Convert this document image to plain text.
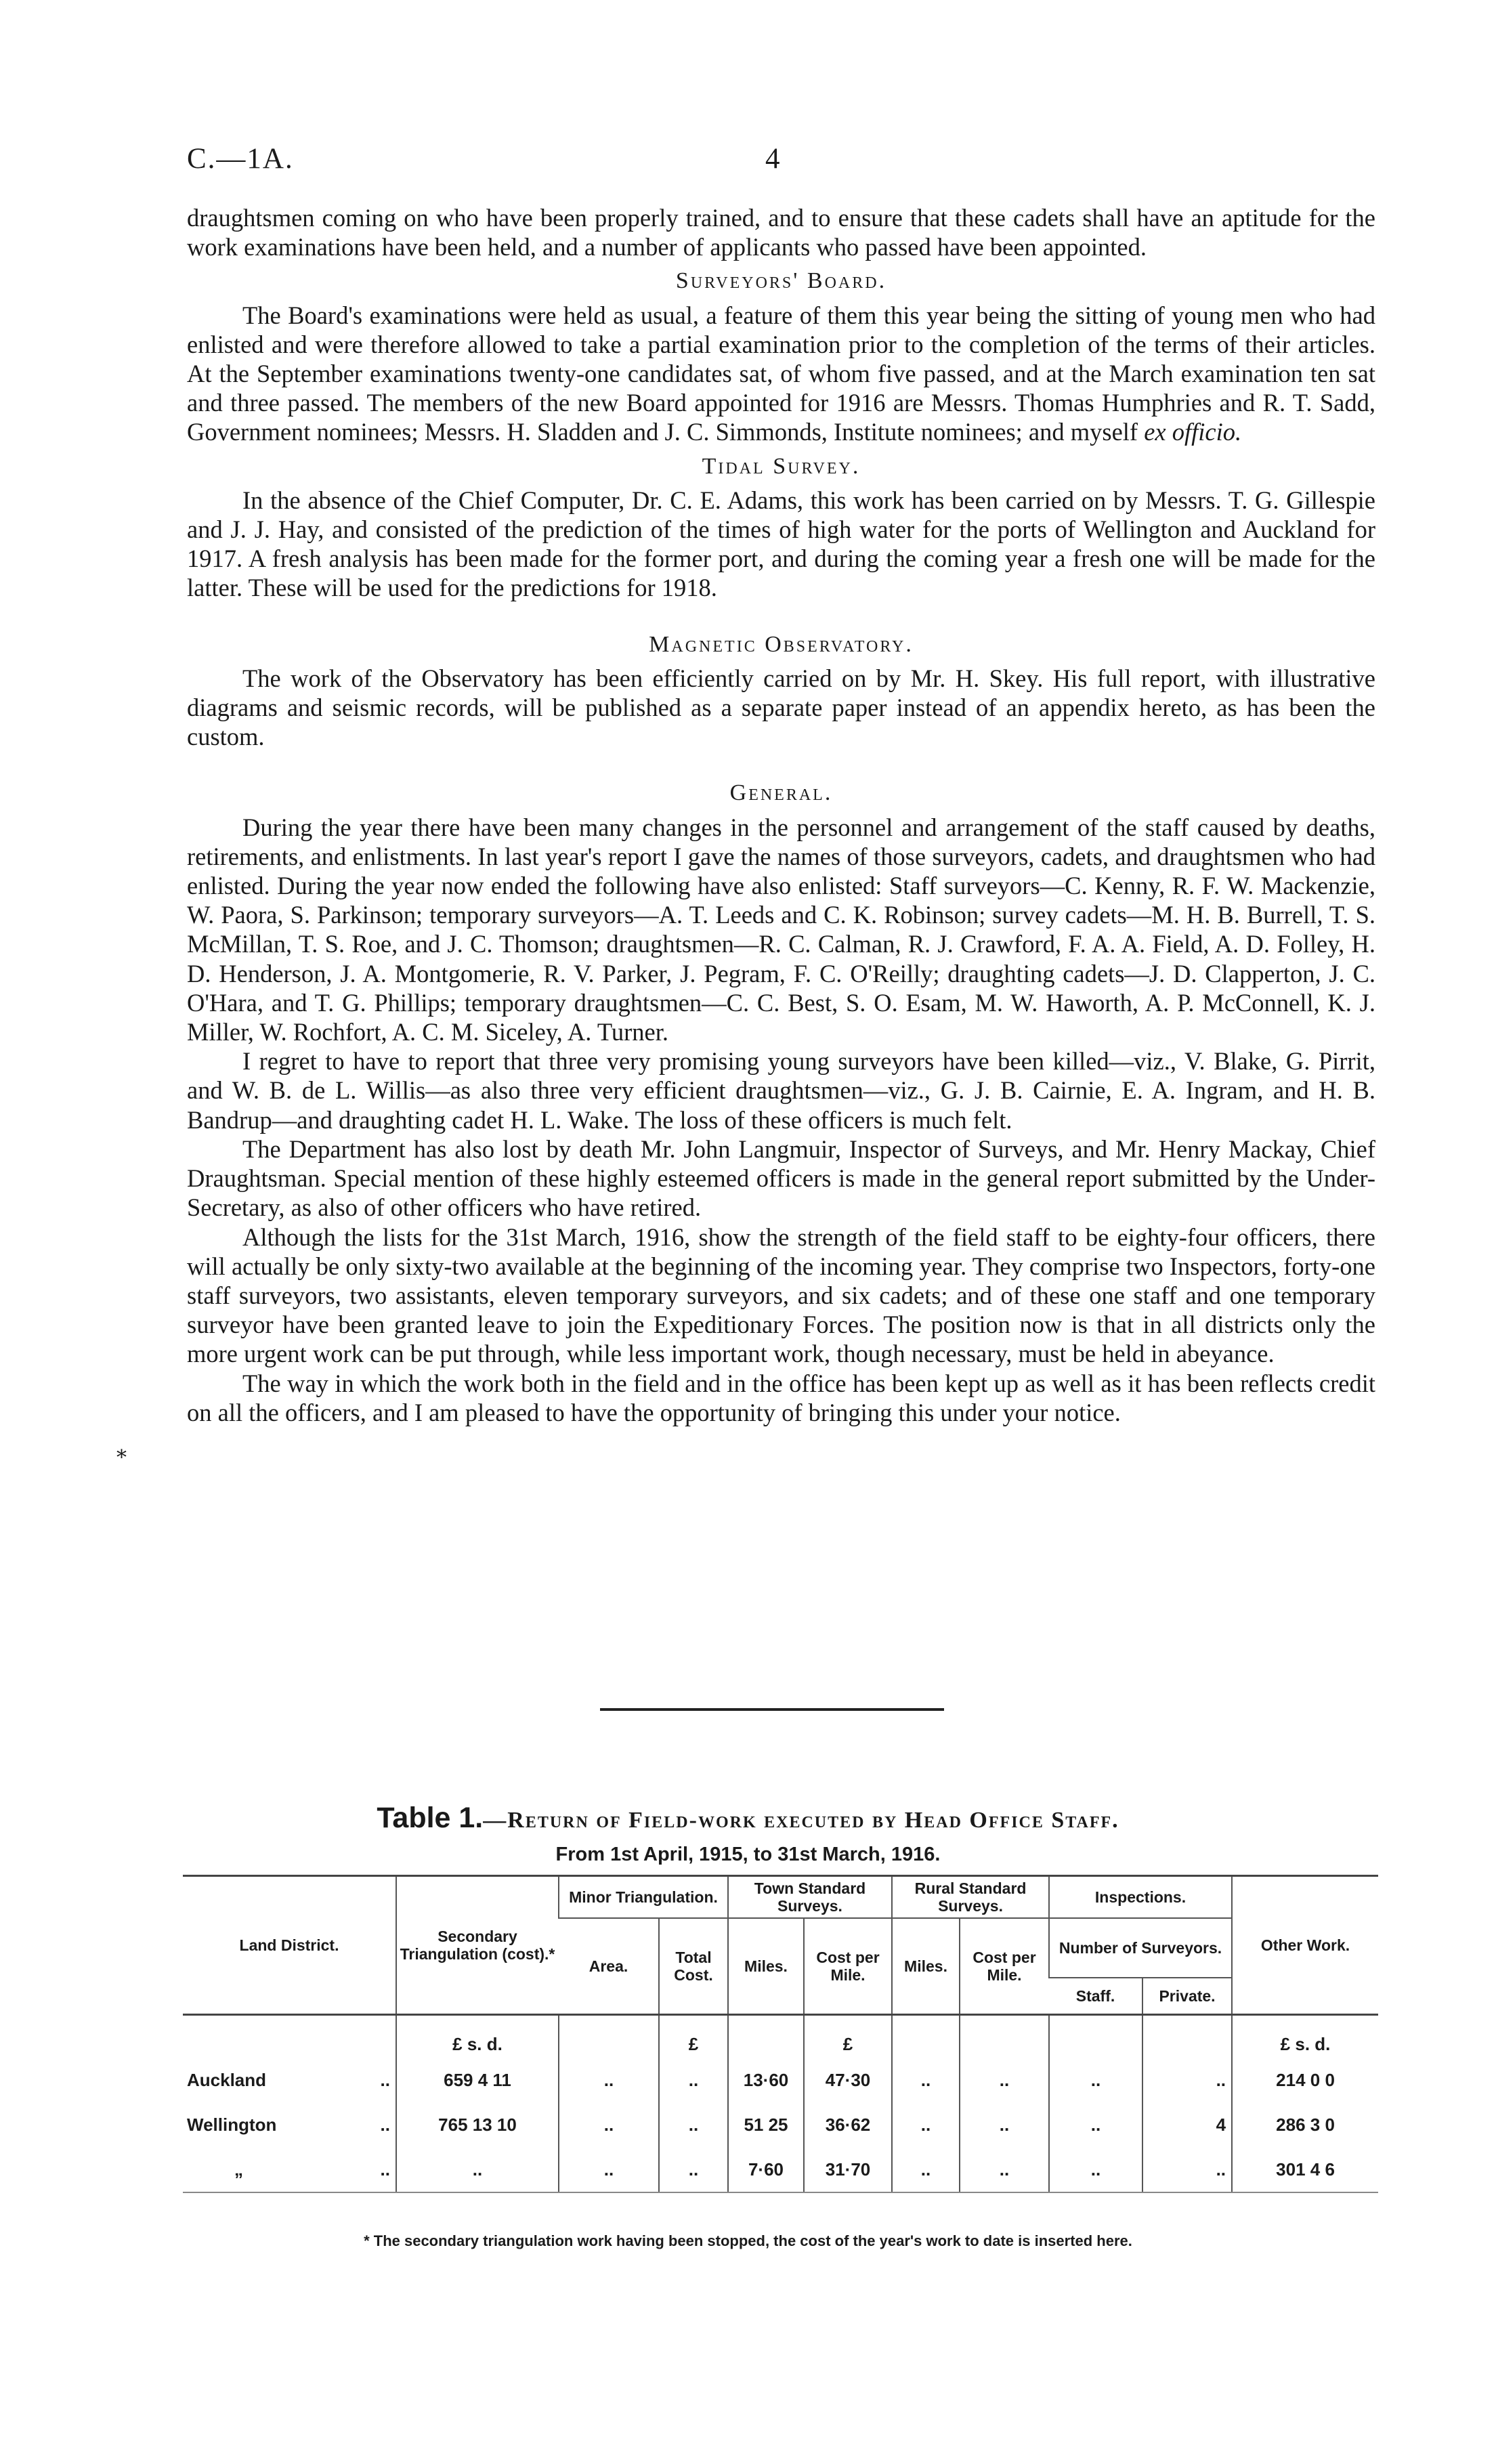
C.—1A.	4

draughtsmen coming on who have been properly trained, and to ensure that these cadets shall have an aptitude for the work examinations have been held, and a number of applicants who passed have been appointed.

Surveyors' Board.

The Board's examinations were held as usual, a feature of them this year being the sitting of young men who had enlisted and were therefore allowed to take a partial examination prior to the completion of the terms of their articles. At the September examinations twenty-one candidates sat, of whom five passed, and at the March examination ten sat and three passed. The members of the new Board appointed for 1916 are Messrs. Thomas Humphries and R. T. Sadd, Government nominees; Messrs. H. Sladden and J. C. Simmonds, Institute nominees; and myself ex officio.

Tidal Survey.

In the absence of the Chief Computer, Dr. C. E. Adams, this work has been carried on by Messrs. T. G. Gillespie and J. J. Hay, and consisted of the prediction of the times of high water for the ports of Wellington and Auckland for 1917. A fresh analysis has been made for the former port, and during the coming year a fresh one will be made for the latter. These will be used for the predictions for 1918.

Magnetic Observatory.

The work of the Observatory has been efficiently carried on by Mr. H. Skey. His full report, with illustrative diagrams and seismic records, will be published as a separate paper instead of an appendix hereto, as has been the custom.

General.

During the year there have been many changes in the personnel and arrangement of the staff caused by deaths, retirements, and enlistments. In last year's report I gave the names of those surveyors, cadets, and draughtsmen who had enlisted. During the year now ended the following have also enlisted: Staff surveyors—C. Kenny, R. F. W. Mackenzie, W. Paora, S. Parkinson; temporary surveyors—A. T. Leeds and C. K. Robinson; survey cadets—M. H. B. Burrell, T. S. McMillan, T. S. Roe, and J. C. Thomson; draughtsmen—R. C. Calman, R. J. Crawford, F. A. A. Field, A. D. Folley, H. D. Henderson, J. A. Montgomerie, R. V. Parker, J. Pegram, F. C. O'Reilly; draughting cadets—J. D. Clapperton, J. C. O'Hara, and T. G. Phillips; temporary draughtsmen—C. C. Best, S. O. Esam, M. W. Haworth, A. P. McConnell, K. J. Miller, W. Rochfort, A. C. M. Siceley, A. Turner.

I regret to have to report that three very promising young surveyors have been killed—viz., V. Blake, G. Pirrit, and W. B. de L. Willis—as also three very efficient draughtsmen—viz., G. J. B. Cairnie, E. A. Ingram, and H. B. Bandrup—and draughting cadet H. L. Wake. The loss of these officers is much felt.

The Department has also lost by death Mr. John Langmuir, Inspector of Surveys, and Mr. Henry Mackay, Chief Draughtsman. Special mention of these highly esteemed officers is made in the general report submitted by the Under-Secretary, as also of other officers who have retired.

Although the lists for the 31st March, 1916, show the strength of the field staff to be eighty-four officers, there will actually be only sixty-two available at the beginning of the incoming year. They comprise two Inspectors, forty-one staff surveyors, two assistants, eleven temporary surveyors, and six cadets; and of these one staff and one temporary surveyor have been granted leave to join the Expeditionary Forces. The position now is that in all districts only the more urgent work can be put through, while less important work, though necessary, must be held in abeyance.

The way in which the work both in the field and in the office has been kept up as well as it has been reflects credit on all the officers, and I am pleased to have the opportunity of bringing this under your notice.

⁎
Table 1.—Return of Field-work executed by Head Office Staff.
From 1st April, 1915, to 31st March, 1916.
Land District.	Secondary Triangulation (cost).*	Minor Triangulation.		Town Standard Surveys.		Rural Standard Surveys.		Inspections.		Other Work.
		Area.	Total Cost.	Miles.	Cost per Mile.	Miles.	Cost per Mile.	Number of Surveyors.		
								Staff.	Private.	
	£ s. d.		£		£					£ s. d.
Auckland ..	659 4 11	..	..	13·60	47·30	..	..	..	..	214 0 0
Wellington ..	765 13 10	..	..	51 25	36·62	..	..	..	4	286 3 0
„ ..	..	..	..	7·60	31·70	..	..	..	..	301 4 6
* The secondary triangulation work having been stopped, the cost of the year's work to date is inserted here.
